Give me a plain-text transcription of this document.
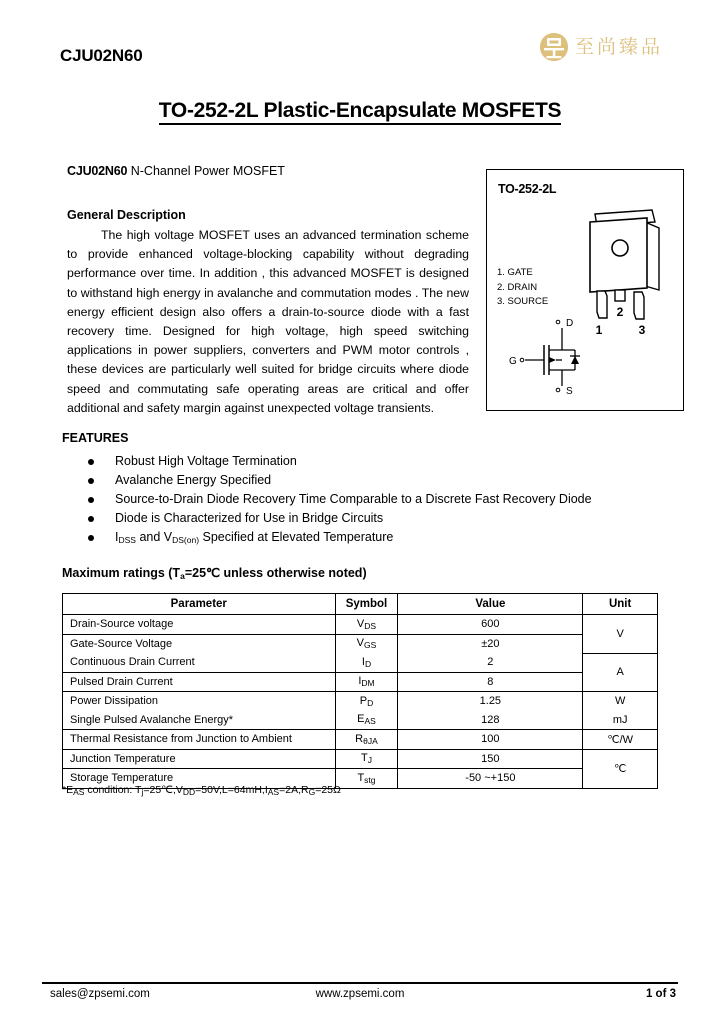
CJU02N60	至尚臻品
TO-252-2L Plastic-Encapsulate MOSFETS
CJU02N60 N-Channel Power MOSFET
General Description
The high voltage MOSFET uses an advanced termination scheme to provide enhanced voltage-blocking capability without degrading performance over time. In addition , this advanced MOSFET is designed to withstand high energy in avalanche and commutation modes . The new energy efficient design also offers a drain-to-source diode with a fast recovery time. Designed for high voltage, high speed switching applications in power suppliers, converters and PWM motor controls , these devices are particularly well suited for bridge circuits where diode speed and commutating safe operating areas are critical and offer additional and safety margin against unexpected voltage transients.
TO-252-2L
1. GATE
2. DRAIN
3. SOURCE
1
2
3
D
G
S
FEATURES
Robust High Voltage Termination
Avalanche Energy Specified
Source-to-Drain Diode Recovery Time Comparable to a Discrete Fast Recovery Diode
Diode is Characterized for Use in Bridge Circuits
$I_{DSS}$ and $V_{DS(on)}$ Specified at Elevated Temperature
Maximum ratings ($T_a=25℃$ unless otherwise noted)
Parameter	Symbol	Value	Unit
Drain-Source voltage	$V_{DS}$	600	V
Gate-Source Voltage	$V_{GS}$	±20	
Continuous Drain Current	$I_D$	2	A
Pulsed Drain Current	$I_{DM}$	8	
Power Dissipation	$P_D$	1.25	W
Single Pulsed Avalanche Energy*	$E_{AS}$	128	mJ
Thermal Resistance from Junction to Ambient	$R_{\theta JA}$	100	℃/W
Junction Temperature	$T_J$	150	℃
Storage Temperature	$T_{stg}$	-50 ~+150	
$*E_{AS}$ condition: $T_j=25℃,V_{DD}=50V,L=64mH,I_{AS}=2A,R_G=25\Omega$
www.zpsemi.com
sales@zpsemi.com	1 of 3
